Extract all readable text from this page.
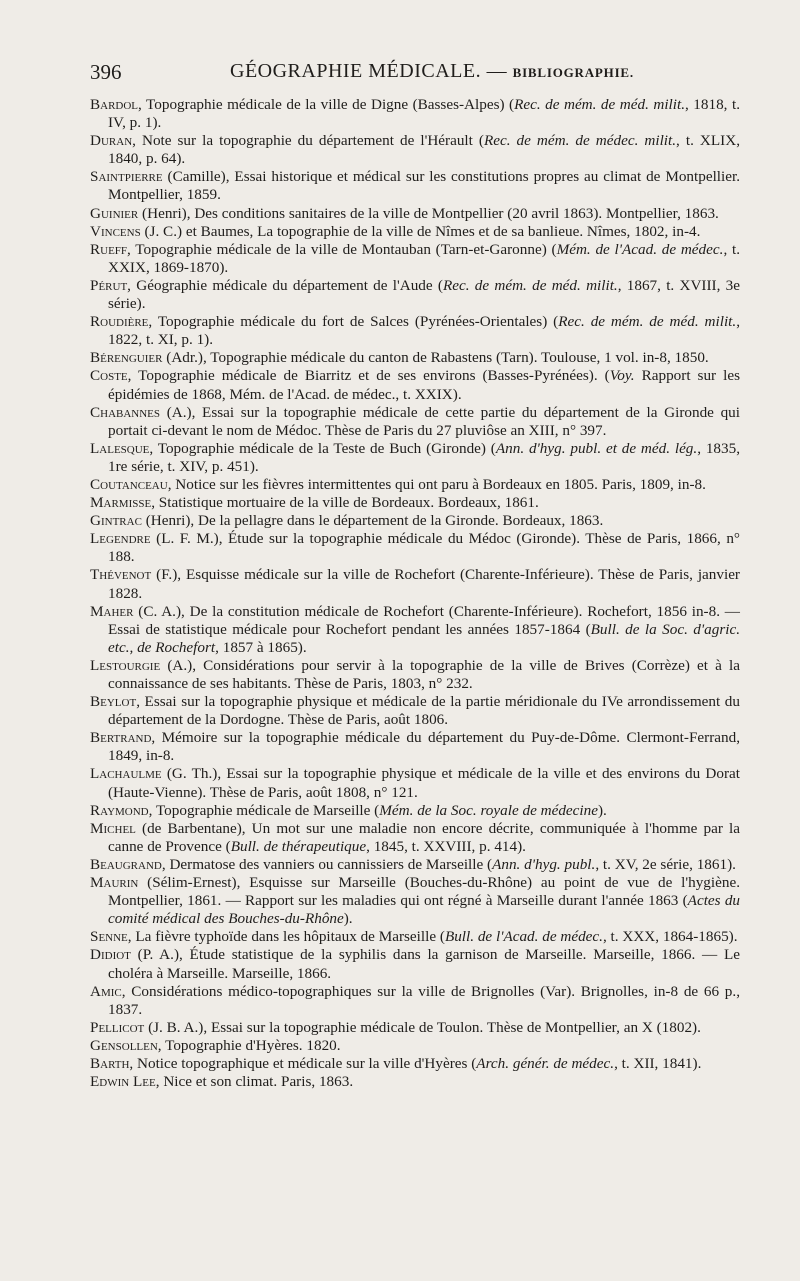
396	GÉOGRAPHIE MÉDICALE. — BIBLIOGRAPHIE.

Bardol, Topographie médicale de la ville de Digne (Basses-Alpes) (Rec. de mém. de méd. milit., 1818, t. IV, p. 1).

Duran, Note sur la topographie du département de l'Hérault (Rec. de mém. de médec. milit., t. XLIX, 1840, p. 64).

Saintpierre (Camille), Essai historique et médical sur les constitutions propres au climat de Montpellier. Montpellier, 1859.

Guinier (Henri), Des conditions sanitaires de la ville de Montpellier (20 avril 1863). Montpellier, 1863.

Vincens (J. C.) et Baumes, La topographie de la ville de Nîmes et de sa banlieue. Nîmes, 1802, in-4.

Rueff, Topographie médicale de la ville de Montauban (Tarn-et-Garonne) (Mém. de l'Acad. de médec., t. XXIX, 1869-1870).

Pérut, Géographie médicale du département de l'Aude (Rec. de mém. de méd. milit., 1867, t. XVIII, 3e série).

Roudière, Topographie médicale du fort de Salces (Pyrénées-Orientales) (Rec. de mém. de méd. milit., 1822, t. XI, p. 1).

Bérenguier (Adr.), Topographie médicale du canton de Rabastens (Tarn). Toulouse, 1 vol. in-8, 1850.

Coste, Topographie médicale de Biarritz et de ses environs (Basses-Pyrénées). (Voy. Rapport sur les épidémies de 1868, Mém. de l'Acad. de médec., t. XXIX).

Chabannes (A.), Essai sur la topographie médicale de cette partie du département de la Gironde qui portait ci-devant le nom de Médoc. Thèse de Paris du 27 pluviôse an XIII, n° 397.

Lalesque, Topographie médicale de la Teste de Buch (Gironde) (Ann. d'hyg. publ. et de méd. lég., 1835, 1re série, t. XIV, p. 451).

Coutanceau, Notice sur les fièvres intermittentes qui ont paru à Bordeaux en 1805. Paris, 1809, in-8.

Marmisse, Statistique mortuaire de la ville de Bordeaux. Bordeaux, 1861.

Gintrac (Henri), De la pellagre dans le département de la Gironde. Bordeaux, 1863.

Legendre (L. F. M.), Étude sur la topographie médicale du Médoc (Gironde). Thèse de Paris, 1866, n° 188.

Thévenot (F.), Esquisse médicale sur la ville de Rochefort (Charente-Inférieure). Thèse de Paris, janvier 1828.

Maher (C. A.), De la constitution médicale de Rochefort (Charente-Inférieure). Rochefort, 1856 in-8. — Essai de statistique médicale pour Rochefort pendant les années 1857-1864 (Bull. de la Soc. d'agric. etc., de Rochefort, 1857 à 1865).

Lestourgie (A.), Considérations pour servir à la topographie de la ville de Brives (Corrèze) et à la connaissance de ses habitants. Thèse de Paris, 1803, n° 232.

Beylot, Essai sur la topographie physique et médicale de la partie méridionale du IVe arrondissement du département de la Dordogne. Thèse de Paris, août 1806.

Bertrand, Mémoire sur la topographie médicale du département du Puy-de-Dôme. Clermont-Ferrand, 1849, in-8.

Lachaulme (G. Th.), Essai sur la topographie physique et médicale de la ville et des environs du Dorat (Haute-Vienne). Thèse de Paris, août 1808, n° 121.

Raymond, Topographie médicale de Marseille (Mém. de la Soc. royale de médecine).

Michel (de Barbentane), Un mot sur une maladie non encore décrite, communiquée à l'homme par la canne de Provence (Bull. de thérapeutique, 1845, t. XXVIII, p. 414).

Beaugrand, Dermatose des vanniers ou cannissiers de Marseille (Ann. d'hyg. publ., t. XV, 2e série, 1861).

Maurin (Sélim-Ernest), Esquisse sur Marseille (Bouches-du-Rhône) au point de vue de l'hygiène. Montpellier, 1861. — Rapport sur les maladies qui ont régné à Marseille durant l'année 1863 (Actes du comité médical des Bouches-du-Rhône).

Senne, La fièvre typhoïde dans les hôpitaux de Marseille (Bull. de l'Acad. de médec., t. XXX, 1864-1865).

Didiot (P. A.), Étude statistique de la syphilis dans la garnison de Marseille. Marseille, 1866. — Le choléra à Marseille. Marseille, 1866.

Amic, Considérations médico-topographiques sur la ville de Brignolles (Var). Brignolles, in-8 de 66 p., 1837.

Pellicot (J. B. A.), Essai sur la topographie médicale de Toulon. Thèse de Montpellier, an X (1802).

Gensollen, Topographie d'Hyères. 1820.

Barth, Notice topographique et médicale sur la ville d'Hyères (Arch. génér. de médec., t. XII, 1841).

Edwin Lee, Nice et son climat. Paris, 1863.
